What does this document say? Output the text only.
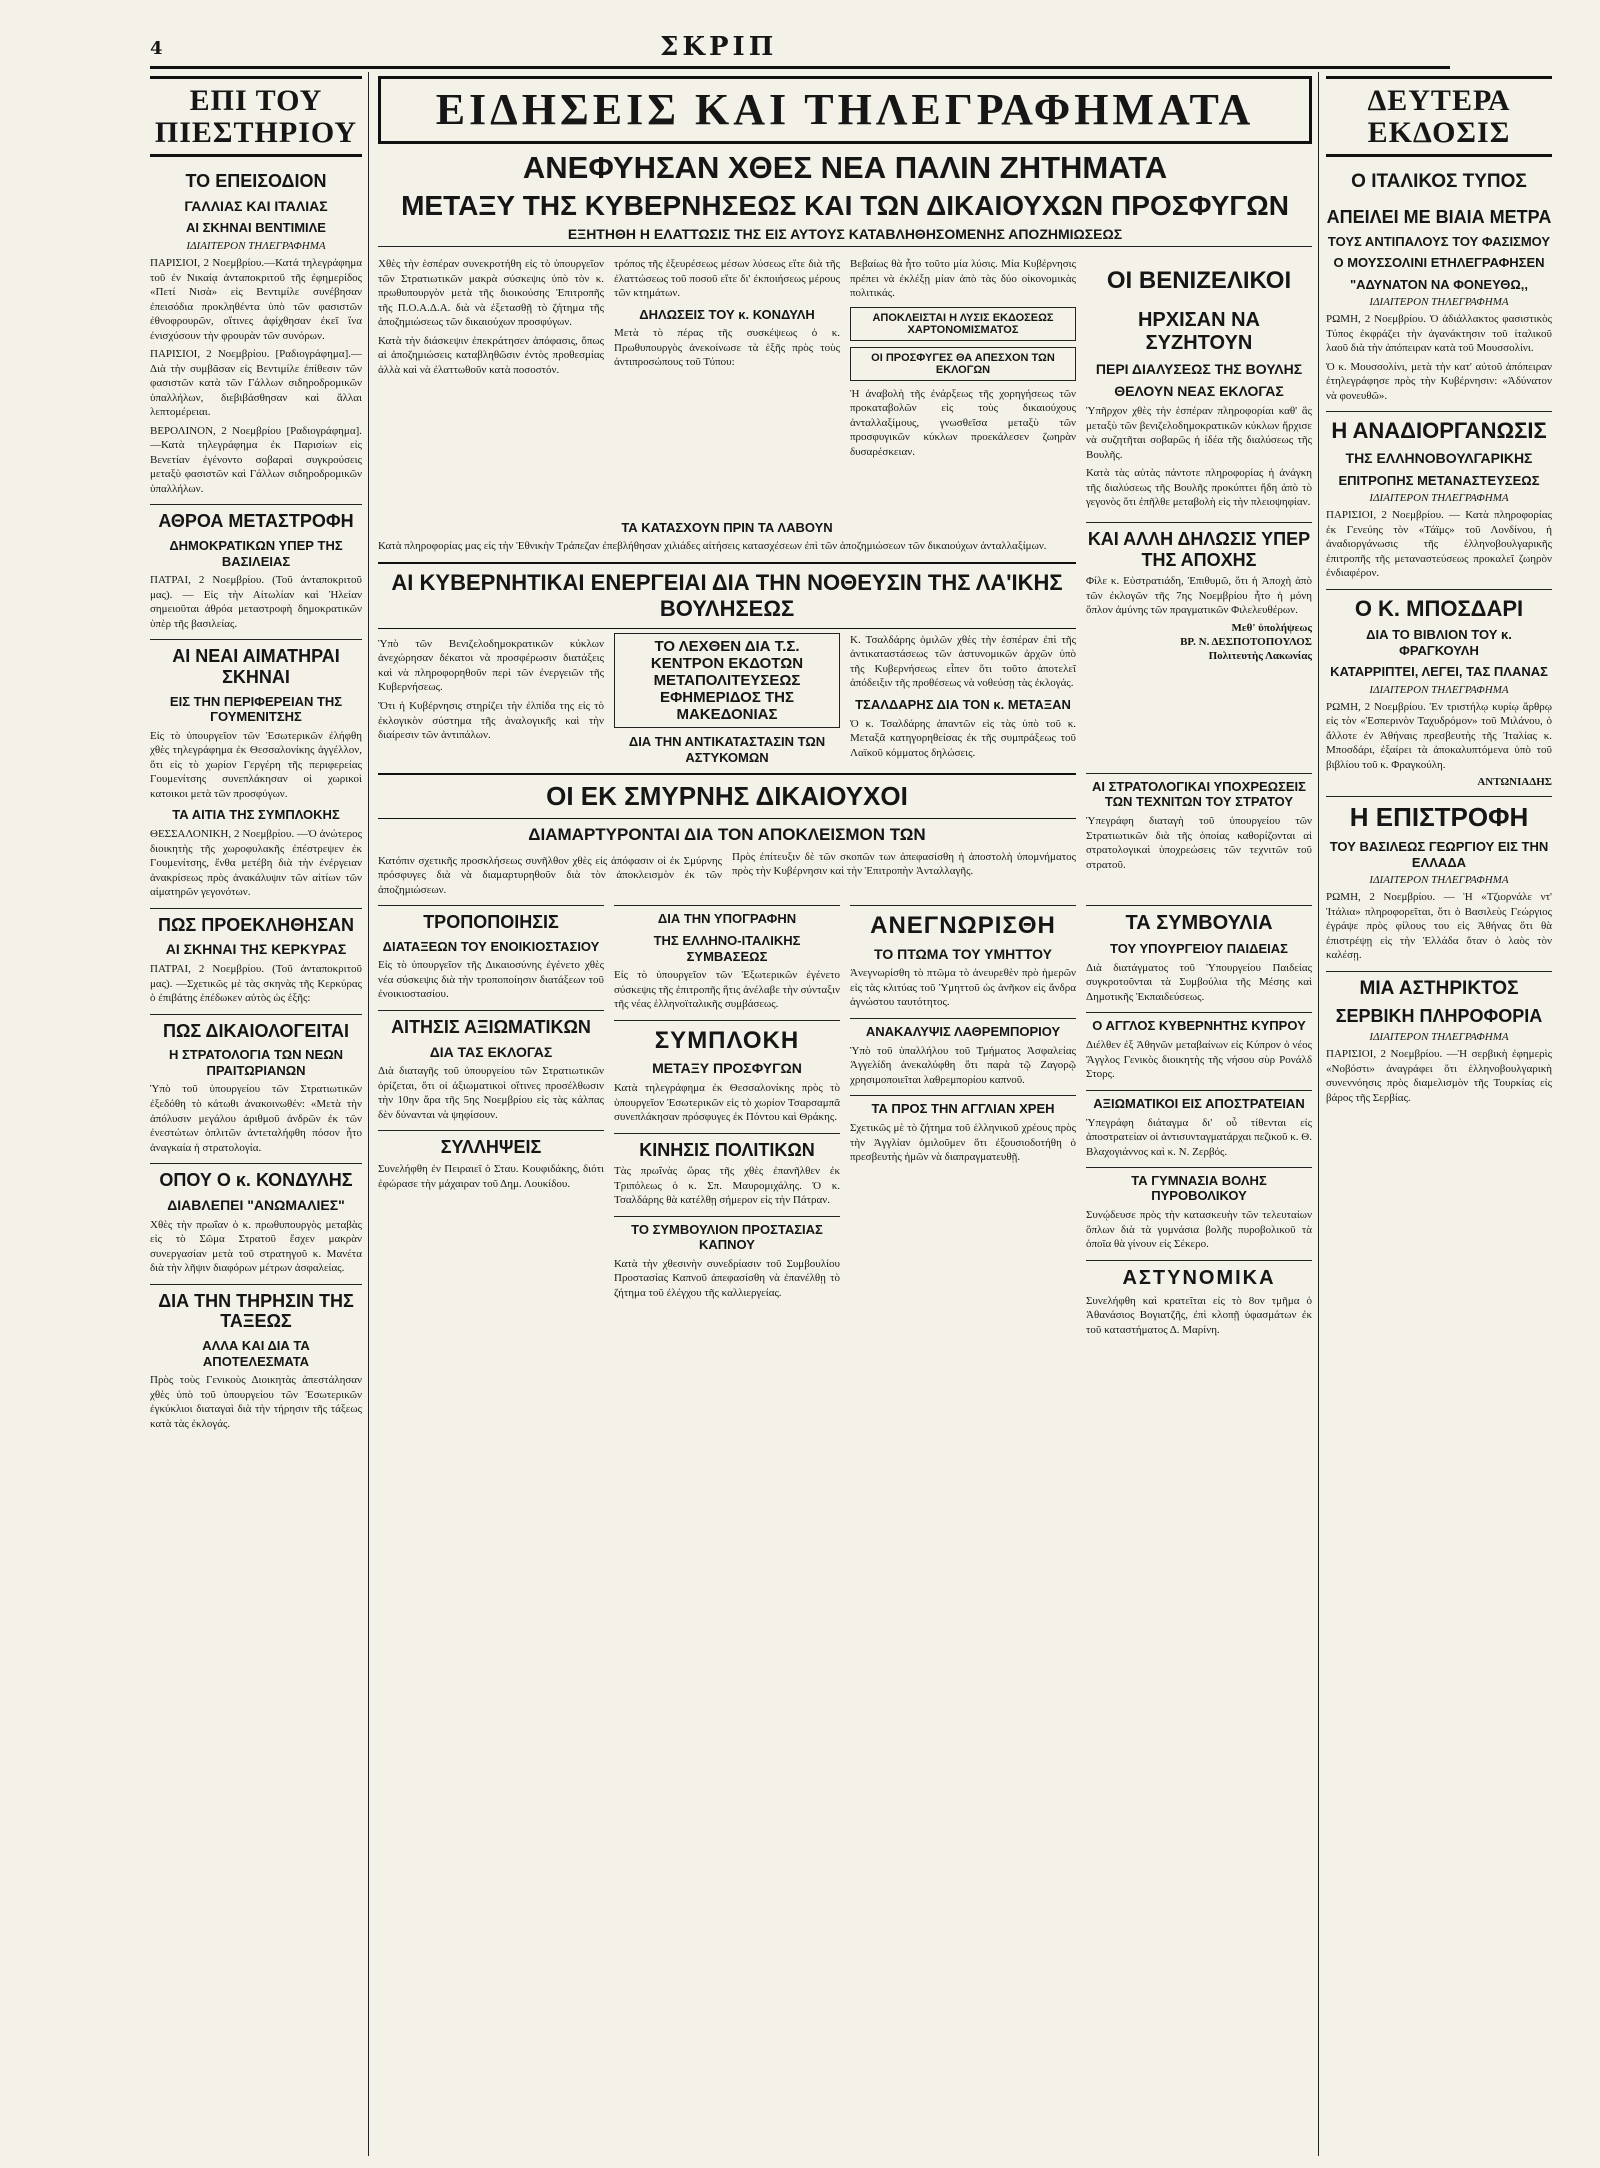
4	ΣΚΡΙΠ
ΕΠΙ ΤΟΥ ΠΙΕΣΤΗΡΙΟΥ
ΤΟ ΕΠΕΙΣΟΔΙΟΝ
ΓΑΛΛΙΑΣ ΚΑΙ ΙΤΑΛΙΑΣ
ΑΙ ΣΚΗΝΑΙ ΒΕΝΤΙΜΙΛΕ
ΙΔΙΑΙΤΕΡΟΝ ΤΗΛΕΓΡΑΦΗΜΑ

ΠΑΡΙΣΙΟΙ, 2 Νοεμβρίου.—Κατά τηλεγράφημα τοῦ ἐν Νικαίᾳ ἀνταποκριτοῦ τῆς ἐφημερίδος «Πετί Νισὰ» εἰς Βεντιμίλε συνέβησαν ἐπεισόδια προκληθέντα ὑπὸ τῶν φασιστῶν ἐθνοφρουρῶν, οἵτινες ἀφίχθησαν ἐκεῖ ἵνα ἐνισχύσουν τὴν φρουρὰν τῶν συνόρων.

ΠΑΡΙΣΙΟΙ, 2 Νοεμβρίου. [Ραδιογράφημα].—Διὰ τὴν συμβᾶσαν εἰς Βεντιμίλε ἐπίθεσιν τῶν φασιστῶν κατὰ τῶν Γάλλων σιδηροδρομικῶν ὑπαλλήλων, διεβιβάσθησαν καὶ ἄλλαι λεπτομέρειαι.

ΒΕΡΟΛΙΝΟΝ, 2 Νοεμβρίου [Ραδιογράφημα].—Κατὰ τηλεγράφημα ἐκ Παρισίων εἰς Βενετίαν ἐγένοντο σοβαραὶ συγκρούσεις μεταξὺ φασιστῶν καὶ Γάλλων σιδηροδρομικῶν ὑπαλλήλων.

ΑΘΡΟΑ ΜΕΤΑΣΤΡΟΦΗ
ΔΗΜΟΚΡΑΤΙΚΩΝ ΥΠΕΡ ΤΗΣ ΒΑΣΙΛΕΙΑΣ

ΠΑΤΡΑΙ, 2 Νοεμβρίου. (Τοῦ ἀνταποκριτοῦ μας). — Εἰς τὴν Αἰτωλίαν καὶ Ἠλείαν σημειοῦται ἀθρόα μεταστροφὴ δημοκρατικῶν ὑπὲρ τῆς βασιλείας.

ΑΙ ΝΕΑΙ ΑΙΜΑΤΗΡΑΙ ΣΚΗΝΑΙ
ΕΙΣ ΤΗΝ ΠΕΡΙΦΕΡΕΙΑΝ ΤΗΣ ΓΟΥΜΕΝΙΤΣΗΣ

Εἰς τὸ ὑπουργεῖον τῶν Ἐσωτερικῶν ἐλήφθη χθὲς τηλεγράφημα ἐκ Θεσσαλονίκης ἀγγέλλον, ὅτι εἰς τὸ χωρίον Γεργέρη τῆς περιφερείας Γουμενίτσης συνεπλάκησαν οἱ χωρικοὶ κατοικοι μετὰ τῶν προσφύγων.

ΤΑ ΑΙΤΙΑ ΤΗΣ ΣΥΜΠΛΟΚΗΣ

ΘΕΣΣΑΛΟΝΙΚΗ, 2 Νοεμβρίου. —Ὁ ἀνώτερος διοικητὴς τῆς χωροφυλακῆς ἐπέστρεψεν ἐκ Γουμενίτσης, ἔνθα μετέβη διὰ τὴν ἐνέργειαν ἀνακρίσεως πρὸς ἀνακάλυψιν τῶν αἰτίων τῶν αἱματηρῶν γεγονότων.

ΠΩΣ ΠΡΟΕΚΛΗΘΗΣΑΝ
ΑΙ ΣΚΗΝΑΙ ΤΗΣ ΚΕΡΚΥΡΑΣ

ΠΑΤΡΑΙ, 2 Νοεμβρίου. (Τοῦ ἀνταποκριτοῦ μας). —Σχετικῶς μὲ τὰς σκηνὰς τῆς Κερκύρας ὁ ἐπιβάτης ἐπέδωκεν αὐτὸς ὡς ἑξῆς:

ΠΩΣ ΔΙΚΑΙΟΛΟΓΕΙΤΑΙ
Η ΣΤΡΑΤΟΛΟΓΙΑ ΤΩΝ ΝΕΩΝ ΠΡΑΙΤΩΡΙΑΝΩΝ

Ὑπὸ τοῦ ὑπουργείου τῶν Στρατιωτικῶν ἐξεδόθη τὸ κάτωθι ἀνακοινωθέν: «Μετὰ τὴν ἀπόλυσιν μεγάλου ἀριθμοῦ ἀνδρῶν ἐκ τῶν ἐνεστώτων ὁπλιτῶν ἀντεταλήφθη πόσον ἦτο ἀναγκαία ἡ στρατολογία.

ΟΠΟΥ Ο κ. ΚΟΝΔΥΛΗΣ
ΔΙΑΒΛΕΠΕΙ "ΑΝΩΜΑΛΙΕΣ"

Χθὲς τὴν πρωΐαν ὁ κ. πρωθυπουργὸς μεταβὰς εἰς τὸ Σῶμα Στρατοῦ ἔσχεν μακρὰν συνεργασίαν μετὰ τοῦ στρατηγοῦ κ. Μανέτα διὰ τὴν λῆψιν διαφόρων μέτρων ἀσφαλείας.

ΔΙΑ ΤΗΝ ΤΗΡΗΣΙΝ ΤΗΣ ΤΑΞΕΩΣ
ΑΛΛΑ ΚΑΙ ΔΙΑ ΤΑ ΑΠΟΤΕΛΕΣΜΑΤΑ

Πρὸς τοὺς Γενικοὺς Διοικητὰς ἀπεστάλησαν χθὲς ὑπὸ τοῦ ὑπουργείου τῶν Ἐσωτερικῶν ἐγκύκλιοι διαταγαὶ διὰ τὴν τήρησιν τῆς τάξεως κατὰ τὰς ἐκλογάς.

ΕΙΔΗΣΕΙΣ ΚΑΙ ΤΗΛΕΓΡΑΦΗΜΑΤΑ
ΑΝΕΦΥΗΣΑΝ ΧΘΕΣ ΝΕΑ ΠΑΛΙΝ ΖΗΤΗΜΑΤΑ
ΜΕΤΑΞΥ ΤΗΣ ΚΥΒΕΡΝΗΣΕΩΣ ΚΑΙ ΤΩΝ ΔΙΚΑΙΟΥΧΩΝ ΠΡΟΣΦΥΓΩΝ
ΕΞΗΤΗΘΗ Η ΕΛΑΤΤΩΣΙΣ ΤΗΣ ΕΙΣ ΑΥΤΟΥΣ ΚΑΤΑΒΛΗΘΗΣΟΜΕΝΗΣ ΑΠΟΖΗΜΙΩΣΕΩΣ

Χθὲς τὴν ἑσπέραν συνεκροτήθη εἰς τὸ ὑπουργεῖον τῶν Στρατιωτικῶν μακρὰ σύσκεψις ὑπὸ τὸν κ. πρωθυπουργὸν μετὰ τῆς διοικούσης Ἐπιτροπῆς τῆς Π.Ο.Α.Δ.Α. διὰ νὰ ἐξετασθῇ τὸ ζήτημα τῆς ἀποζημιώσεως τῶν δικαιούχων προσφύγων.

Κατὰ τὴν διάσκεψιν ἐπεκράτησεν ἀπόφασις, ὅπως αἱ ἀποζημιώσεις καταβληθῶσιν ἐντὸς προθεσμίας ἀλλὰ καὶ νὰ ἐλαττωθοῦν κατὰ ποσοστόν.

τρόπος τῆς ἐξευρέσεως μέσων λύσεως εἴτε διὰ τῆς ἐλαττώσεως τοῦ ποσοῦ εἴτε δι' ἐκποιήσεως μέρους τῶν κτημάτων.

ΔΗΛΩΣΕΙΣ ΤΟΥ κ. ΚΟΝΔΥΛΗ

Μετὰ τὸ πέρας τῆς συσκέψεως ὁ κ. Πρωθυπουργὸς ἀνεκοίνωσε τὰ ἑξῆς πρὸς τοὺς ἀντιπροσώπους τοῦ Τύπου:

Βεβαίως θὰ ἦτο τοῦτο μία λύσις. Μία Κυβέρνησις πρέπει νὰ ἐκλέξῃ μίαν ἀπὸ τὰς δύο οἰκονομικὰς πολιτικάς.

ΑΠΟΚΛΕΙΣΤΑΙ Η ΛΥΣΙΣ ΕΚΔΟΣΕΩΣ ΧΑΡΤΟΝΟΜΙΣΜΑΤΟΣ
ΟΙ ΠΡΟΣΦΥΓΕΣ ΘΑ ΑΠΕΣΧΟΝ ΤΩΝ ΕΚΛΟΓΩΝ

Ἡ ἀναβολὴ τῆς ἐνάρξεως τῆς χορηγήσεως τῶν προκαταβολῶν εἰς τοὺς δικαιούχους ἀνταλλαξίμους, γνωσθεῖσα μεταξὺ τῶν προσφυγικῶν κύκλων προεκάλεσεν ζωηρὰν δυσαρέσκειαν.

ΟΙ ΒΕΝΙΖΕΛΙΚΟΙ
ΗΡΧΙΣΑΝ ΝΑ ΣΥΖΗΤΟΥΝ
ΠΕΡΙ ΔΙΑΛΥΣΕΩΣ ΤΗΣ ΒΟΥΛΗΣ
ΘΕΛΟΥΝ ΝΕΑΣ ΕΚΛΟΓΑΣ

Ὑπῆρχον χθὲς τὴν ἑσπέραν πληροφορίαι καθ' ἃς μεταξὺ τῶν βενιζελοδημοκρατικῶν κύκλων ἤρχισε νὰ συζητῆται σοβαρῶς ἡ ἰδέα τῆς διαλύσεως τῆς Βουλῆς.

Κατὰ τὰς αὐτὰς πάντοτε πληροφορίας ἡ ἀνάγκη τῆς διαλύσεως τῆς Βουλῆς προκύπτει ἤδη ἀπὸ τὸ γεγονὸς ὅτι ἐπῆλθε μεταβολὴ εἰς τὴν πλειοψηφίαν.

ΤΑ ΚΑΤΑΣΧΟΥΝ ΠΡΙΝ ΤΑ ΛΑΒΟΥΝ

Κατὰ πληροφορίας μας εἰς τὴν Ἐθνικὴν Τράπεζαν ἐπεβλήθησαν χιλιάδες αἰτήσεις κατασχέσεων ἐπὶ τῶν ἀποζημιώσεων τῶν δικαιούχων ἀνταλλαξίμων.

ΑΙ ΚΥΒΕΡΝΗΤΙΚΑΙ ΕΝΕΡΓΕΙΑΙ ΔΙΑ ΤΗΝ ΝΟΘΕΥΣΙΝ ΤΗΣ ΛΑ'ΙΚΗΣ ΒΟΥΛΗΣΕΩΣ

Ὑπὸ τῶν Βενιζελοδημοκρατικῶν κύκλων ἀνεχώρησαν δέκατοι νὰ προσφέρωσιν διατάξεις καὶ νὰ πληροφορηθοῦν περὶ τῶν ἐνεργειῶν τῆς Κυβερνήσεως.

Ὅτι ἡ Κυβέρνησις στηρίζει τὴν ἐλπίδα της εἰς τὸ ἐκλογικὸν σύστημα τῆς ἀναλογικῆς καὶ τὴν διαίρεσιν τῶν ἀντιπάλων.

ΤΟ ΛΕΧΘΕΝ ΔΙΑ Τ.Σ. ΚΕΝΤΡΟΝ ΕΚΔΟΤΩΝ ΜΕΤΑΠΟΛΙΤΕΥΣΕΩΣ ΕΦΗΜΕΡΙΔΟΣ ΤΗΣ ΜΑΚΕΔΟΝΙΑΣ
ΔΙΑ ΤΗΝ ΑΝΤΙΚΑΤΑΣΤΑΣΙΝ ΤΩΝ ΑΣΤΥΚΟΜΩΝ

Κ. Τσαλδάρης ὁμιλῶν χθὲς τὴν ἑσπέραν ἐπὶ τῆς ἀντικαταστάσεως τῶν ἀστυνομικῶν ἀρχῶν ὑπὸ τῆς Κυβερνήσεως εἶπεν ὅτι τοῦτο ἀποτελεῖ ἀπόδειξιν τῆς προθέσεως νὰ νοθεύσῃ τὰς ἐκλογάς.

ΤΣΑΛΔΑΡΗΣ ΔΙΑ ΤΟΝ κ. ΜΕΤΑΞΑΝ

Ὁ κ. Τσαλδάρης ἀπαντῶν εἰς τὰς ὑπὸ τοῦ κ. Μεταξᾶ κατηγορηθείσας ἐκ τῆς συμπράξεως τοῦ Λαϊκοῦ κόμματος δηλώσεις.

ΚΑΙ ΑΛΛΗ ΔΗΛΩΣΙΣ ΥΠΕΡ ΤΗΣ ΑΠΟΧΗΣ

Φίλε κ. Εὐστρατιάδη, Ἐπιθυμῶ, ὅτι ἡ Ἀποχὴ ἀπὸ τῶν ἐκλογῶν τῆς 7ης Νοεμβρίου ἦτο ἡ μόνη ὅπλον ἀμύνης τῶν πραγματικῶν Φιλελευθέρων.

Μεθ' ὑπολήψεως
ΒΡ. Ν. ΔΕΣΠΟΤΟΠΟΥΛΟΣ
Πολιτευτὴς Λακωνίας
ΟΙ ΕΚ ΣΜΥΡΝΗΣ ΔΙΚΑΙΟΥΧΟΙ
ΔΙΑΜΑΡΤΥΡΟΝΤΑΙ ΔΙΑ ΤΟΝ ΑΠΟΚΛΕΙΣΜΟΝ ΤΩΝ

Κατόπιν σχετικῆς προσκλήσεως συνῆλθον χθὲς εἰς ἀπόφασιν οἱ ἐκ Σμύρνης πρόσφυγες διὰ νὰ διαμαρτυρηθοῦν διὰ τὸν ἀποκλεισμὸν ἐκ τῶν ἀποζημιώσεων.

Πρὸς ἐπίτευξιν δὲ τῶν σκοπῶν των ἀπεφασίσθη ἡ ἀποστολὴ ὑπομνήματος πρὸς τὴν Κυβέρνησιν καὶ τὴν Ἐπιτροπὴν Ἀνταλλαγῆς.

ΑΙ ΣΤΡΑΤΟΛΟΓΙΚΑΙ ΥΠΟΧΡΕΩΣΕΙΣ ΤΩΝ ΤΕΧΝΙΤΩΝ ΤΟΥ ΣΤΡΑΤΟΥ

Ὑπεγράφη διαταγὴ τοῦ ὑπουργείου τῶν Στρατιωτικῶν διὰ τῆς ὁποίας καθορίζονται αἱ στρατολογικαὶ ὑποχρεώσεις τῶν τεχνιτῶν τοῦ στρατοῦ.

ΤΡΟΠΟΠΟΙΗΣΙΣ
ΔΙΑΤΑΞΕΩΝ ΤΟΥ ΕΝΟΙΚΙΟΣΤΑΣΙΟΥ

Εἰς τὸ ὑπουργεῖον τῆς Δικαιοσύνης ἐγένετο χθὲς νέα σύσκεψις διὰ τὴν τροποποίησιν διατάξεων τοῦ ἐνοικιοστασίου.

ΑΙΤΗΣΙΣ ΑΞΙΩΜΑΤΙΚΩΝ
ΔΙΑ ΤΑΣ ΕΚΛΟΓΑΣ

Διὰ διαταγῆς τοῦ ὑπουργείου τῶν Στρατιωτικῶν ὁρίζεται, ὅτι οἱ ἀξιωματικοὶ οἵτινες προσέλθωσιν τὴν 10ην ἄρα τῆς 5ης Νοεμβρίου εἰς τὰς κάλπας δὲν δύνανται νὰ ψηφίσουν.

ΣΥΛΛΗΨΕΙΣ

Συνελήφθη ἐν Πειραιεῖ ὁ Σταυ. Κουφιδάκης, διότι ἐφώρασε τὴν μάχαιραν τοῦ Δημ. Λουκίδου.

ΔΙΑ ΤΗΝ ΥΠΟΓΡΑΦΗΝ
ΤΗΣ ΕΛΛΗΝΟ-ΙΤΑΛΙΚΗΣ ΣΥΜΒΑΣΕΩΣ

Εἰς τὸ ὑπουργεῖον τῶν Ἐξωτερικῶν ἐγένετο σύσκεψις τῆς ἐπιτροπῆς ἥτις ἀνέλαβε τὴν σύνταξιν τῆς νέας ἑλληνοϊταλικῆς συμβάσεως.

ΣΥΜΠΛΟΚΗ
ΜΕΤΑΞΥ ΠΡΟΣΦΥΓΩΝ

Κατὰ τηλεγράφημα ἐκ Θεσσαλονίκης πρὸς τὸ ὑπουργεῖον Ἐσωτερικῶν εἰς τὸ χωρίον Τσαρσαμπᾶ συνεπλάκησαν πρόσφυγες ἐκ Πόντου καὶ Θράκης.

ΚΙΝΗΣΙΣ ΠΟΛΙΤΙΚΩΝ

Τὰς πρωΐνὰς ὥρας τῆς χθὲς ἐπανῆλθεν ἐκ Τριπόλεως ὁ κ. Σπ. Μαυρομιχάλης. Ὁ κ. Τσαλδάρης θὰ κατέλθῃ σήμερον εἰς τὴν Πάτραν.

ΤΟ ΣΥΜΒΟΥΛΙΟΝ ΠΡΟΣΤΑΣΙΑΣ ΚΑΠΝΟΥ

Κατὰ τὴν χθεσινὴν συνεδρίασιν τοῦ Συμβουλίου Προστασίας Καπνοῦ ἀπεφασίσθη νὰ ἐπανέλθῃ τὸ ζήτημα τοῦ ἐλέγχου τῆς καλλιεργείας.

ΑΝΕΓΝΩΡΙΣΘΗ
ΤΟ ΠΤΩΜΑ ΤΟΥ ΥΜΗΤΤΟΥ

Ἀνεγνωρίσθη τὸ πτῶμα τὸ ἀνευρεθὲν πρὸ ἡμερῶν εἰς τὰς κλιτύας τοῦ Ὑμηττοῦ ὡς ἀνῆκον εἰς ἄνδρα ἀγνώστου ταυτότητος.

ΑΝΑΚΑΛΥΨΙΣ ΛΑΘΡΕΜΠΟΡΙΟΥ

Ὑπὸ τοῦ ὑπαλλήλου τοῦ Τμήματος Ἀσφαλείας Ἀγγελίδη ἀνεκαλύφθη ὅτι παρὰ τῷ Ζαγορῷ χρησιμοποιεῖται λαθρεμπορίου καπνοῦ.

ΤΑ ΠΡΟΣ ΤΗΝ ΑΓΓΛΙΑΝ ΧΡΕΗ

Σχετικῶς μὲ τὸ ζήτημα τοῦ ἑλληνικοῦ χρέους πρὸς τὴν Ἀγγλίαν ὁμιλοῦμεν ὅτι ἐξουσιοδοτήθη ὁ πρεσβευτὴς ἡμῶν νὰ διαπραγματευθῇ.

ΤΑ ΣΥΜΒΟΥΛΙΑ
ΤΟΥ ΥΠΟΥΡΓΕΙΟΥ ΠΑΙΔΕΙΑΣ

Διὰ διατάγματος τοῦ Ὑπουργείου Παιδείας συγκροτοῦνται τὰ Συμβούλια τῆς Μέσης καὶ Δημοτικῆς Ἐκπαιδεύσεως.

Ο ΑΓΓΛΟΣ ΚΥΒΕΡΝΗΤΗΣ ΚΥΠΡΟΥ

Διέλθεν ἐξ Ἀθηνῶν μεταβαίνων εἰς Κύπρον ὁ νέος Ἄγγλος Γενικὸς διοικητὴς τῆς νήσου σὺρ Ρονάλδ Στορς.

ΑΞΙΩΜΑΤΙΚΟΙ ΕΙΣ ΑΠΟΣΤΡΑΤΕΙΑΝ

Ὑπεγράφη διάταγμα δι' οὗ τίθενται εἰς ἀποστρατείαν οἱ ἀντισυνταγματάρχαι πεζικοῦ κ. Θ. Βλαχογιάννος καὶ κ. Ν. Ζερβός.

ΤΑ ΓΥΜΝΑΣΙΑ ΒΟΛΗΣ ΠΥΡΟΒΟΛΙΚΟΥ

Συνῴδευσε πρὸς τὴν κατασκευὴν τῶν τελευταίων ὅπλων διὰ τὰ γυμνάσια βολῆς πυροβολικοῦ τὰ ὁποῖα θὰ γίνουν εἰς Σέκερο.

ΑΣΤΥΝΟΜΙΚΑ

Συνελήφθη καὶ κρατεῖται εἰς τὸ 8ον τμῆμα ὁ Ἀθανάσιος Βογιατζῆς, ἐπὶ κλοπῇ ὑφασμάτων ἐκ τοῦ καταστήματος Δ. Μαρίνη.

ΔΕΥΤΕΡΑ ΕΚΔΟΣΙΣ
Ο ΙΤΑΛΙΚΟΣ ΤΥΠΟΣ
ΑΠΕΙΛΕΙ ΜΕ ΒΙΑΙΑ ΜΕΤΡΑ
ΤΟΥΣ ΑΝΤΙΠΑΛΟΥΣ ΤΟΥ ΦΑΣΙΣΜΟΥ
Ο ΜΟΥΣΣΟΛΙΝΙ ΕΤΗΛΕΓΡΑΦΗΣΕΝ
"ΑΔΥΝΑΤΟΝ ΝΑ ΦΟΝΕΥΘΩ,,
ΙΔΙΑΙΤΕΡΟΝ ΤΗΛΕΓΡΑΦΗΜΑ

ΡΩΜΗ, 2 Νοεμβρίου. Ὁ ἀδιάλλακτος φασιστικὸς Τύπος ἐκφράζει τὴν ἀγανάκτησιν τοῦ ἰταλικοῦ λαοῦ διὰ τὴν ἀπόπειραν κατὰ τοῦ Μουσσολίνι.

Ὁ κ. Μουσσολίνι, μετὰ τὴν κατ' αὐτοῦ ἀπόπειραν ἐτηλεγράφησε πρὸς τὴν Κυβέρνησιν: «Ἀδύνατον νὰ φονευθῶ».

Η ΑΝΑΔΙΟΡΓΑΝΩΣΙΣ
ΤΗΣ ΕΛΛΗΝΟΒΟΥΛΓΑΡΙΚΗΣ
ΕΠΙΤΡΟΠΗΣ ΜΕΤΑΝΑΣΤΕΥΣΕΩΣ
ΙΔΙΑΙΤΕΡΟΝ ΤΗΛΕΓΡΑΦΗΜΑ

ΠΑΡΙΣΙΟΙ, 2 Νοεμβρίου. — Κατὰ πληροφορίας ἐκ Γενεύης τὸν «Τάϊμς» τοῦ Λονδίνου, ἡ ἀναδιοργάνωσις τῆς ἑλληνοβουλγαρικῆς ἐπιτροπῆς τῆς μεταναστεύσεως προκαλεῖ ζωηρὸν ἐνδιαφέρον.

Ο Κ. ΜΠΟΣΔΑΡΙ
ΔΙΑ ΤΟ ΒΙΒΛΙΟΝ ΤΟΥ κ. ΦΡΑΓΚΟΥΛΗ
ΚΑΤΑΡΡΙΠΤΕΙ, ΛΕΓΕΙ, ΤΑΣ ΠΛΑΝΑΣ
ΙΔΙΑΙΤΕΡΟΝ ΤΗΛΕΓΡΑΦΗΜΑ

ΡΩΜΗ, 2 Νοεμβρίου. Ἐν τριστήλῳ κυρίῳ ἄρθρῳ εἰς τὸν «Ἐσπερινὸν Ταχυδρόμον» τοῦ Μιλάνου, ὁ ἄλλοτε ἐν Ἀθήναις πρεσβευτὴς τῆς Ἰταλίας κ. Μποσδάρι, ἐξαίρει τὰ ἀποκαλυπτόμενα ὑπὸ τοῦ βιβλίου τοῦ κ. Φραγκούλη.

ΑΝΤΩΝΙΑΔΗΣ
Η ΕΠΙΣΤΡΟΦΗ
ΤΟΥ ΒΑΣΙΛΕΩΣ ΓΕΩΡΓΙΟΥ ΕΙΣ ΤΗΝ ΕΛΛΑΔΑ
ΙΔΙΑΙΤΕΡΟΝ ΤΗΛΕΓΡΑΦΗΜΑ

ΡΩΜΗ, 2 Νοεμβρίου. — Ἡ «Τζιορνάλε ντ' Ἰτάλια» πληροφορεῖται, ὅτι ὁ Βασιλεὺς Γεώργιος ἐγράψε πρὸς φίλους του εἰς Ἀθήνας ὅτι θὰ ἐπιστρέψῃ εἰς τὴν Ἑλλάδα ὅταν ὁ λαὸς τὸν καλέσῃ.

ΜΙΑ ΑΣΤΗΡΙΚΤΟΣ
ΣΕΡΒΙΚΗ ΠΛΗΡΟΦΟΡΙΑ
ΙΔΙΑΙΤΕΡΟΝ ΤΗΛΕΓΡΑΦΗΜΑ

ΠΑΡΙΣΙΟΙ, 2 Νοεμβρίου. —Ἡ σερβικὴ ἐφημερὶς «Νοβόστι» ἀναγράφει ὅτι ἑλληνοβουλγαρικὴ συνεννόησις πρὸς διαμελισμὸν τῆς Τουρκίας εἰς βάρος τῆς Σερβίας.
